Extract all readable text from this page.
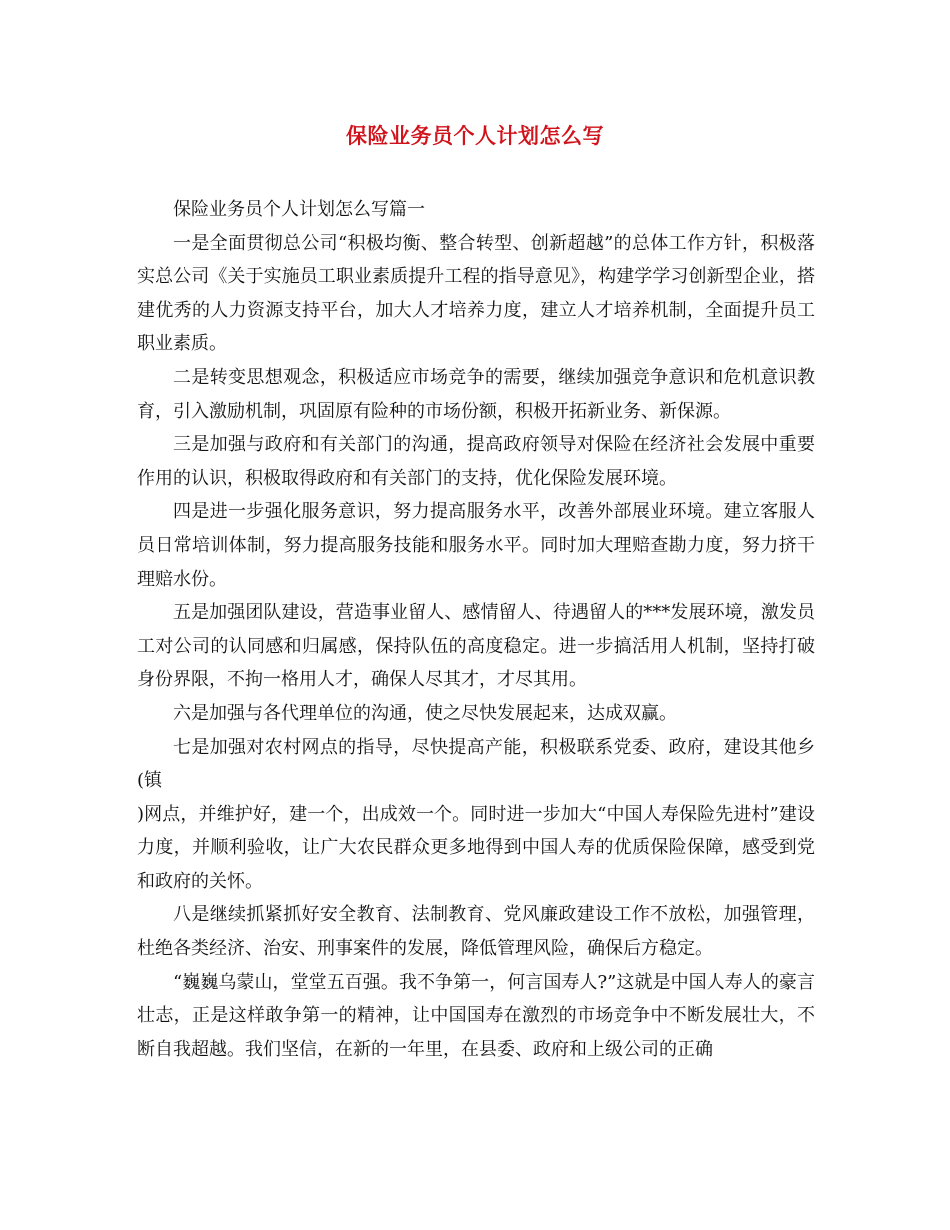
保险业务员个人计划怎么写

保险业务员个人计划怎么写篇一

一是全面贯彻总公司“积极均衡、整合转型、创新超越”的总体工作方针，积极落实总公司《关于实施员工职业素质提升工程的指导意见》，构建学学习创新型企业，搭建优秀的人力资源支持平台，加大人才培养力度，建立人才培养机制，全面提升员工职业素质。

二是转变思想观念，积极适应市场竞争的需要，继续加强竞争意识和危机意识教育，引入激励机制，巩固原有险种的市场份额，积极开拓新业务、新保源。

三是加强与政府和有关部门的沟通，提高政府领导对保险在经济社会发展中重要作用的认识，积极取得政府和有关部门的支持，优化保险发展环境。

四是进一步强化服务意识，努力提高服务水平，改善外部展业环境。建立客服人员日常培训体制，努力提高服务技能和服务水平。同时加大理赔查勘力度，努力挤干理赔水份。

五是加强团队建设，营造事业留人、感情留人、待遇留人的***发展环境，激发员工对公司的认同感和归属感，保持队伍的高度稳定。进一步搞活用人机制，坚持打破身份界限，不拘一格用人才，确保人尽其才，才尽其用。

六是加强与各代理单位的沟通，使之尽快发展起来，达成双赢。

七是加强对农村网点的指导，尽快提高产能，积极联系党委、政府，建设其他乡(镇

)网点，并维护好，建一个，出成效一个。同时进一步加大“中国人寿保险先进村”建设力度，并顺利验收，让广大农民群众更多地得到中国人寿的优质保险保障，感受到党和政府的关怀。

八是继续抓紧抓好安全教育、法制教育、党风廉政建设工作不放松，加强管理，杜绝各类经济、治安、刑事案件的发展，降低管理风险，确保后方稳定。

“巍巍乌蒙山，堂堂五百强。我不争第一，何言国寿人?”这就是中国人寿人的豪言壮志，正是这样敢争第一的精神，让中国国寿在激烈的市场竞争中不断发展壮大，不断自我超越。我们坚信，在新的一年里，在县委、政府和上级公司的正确
